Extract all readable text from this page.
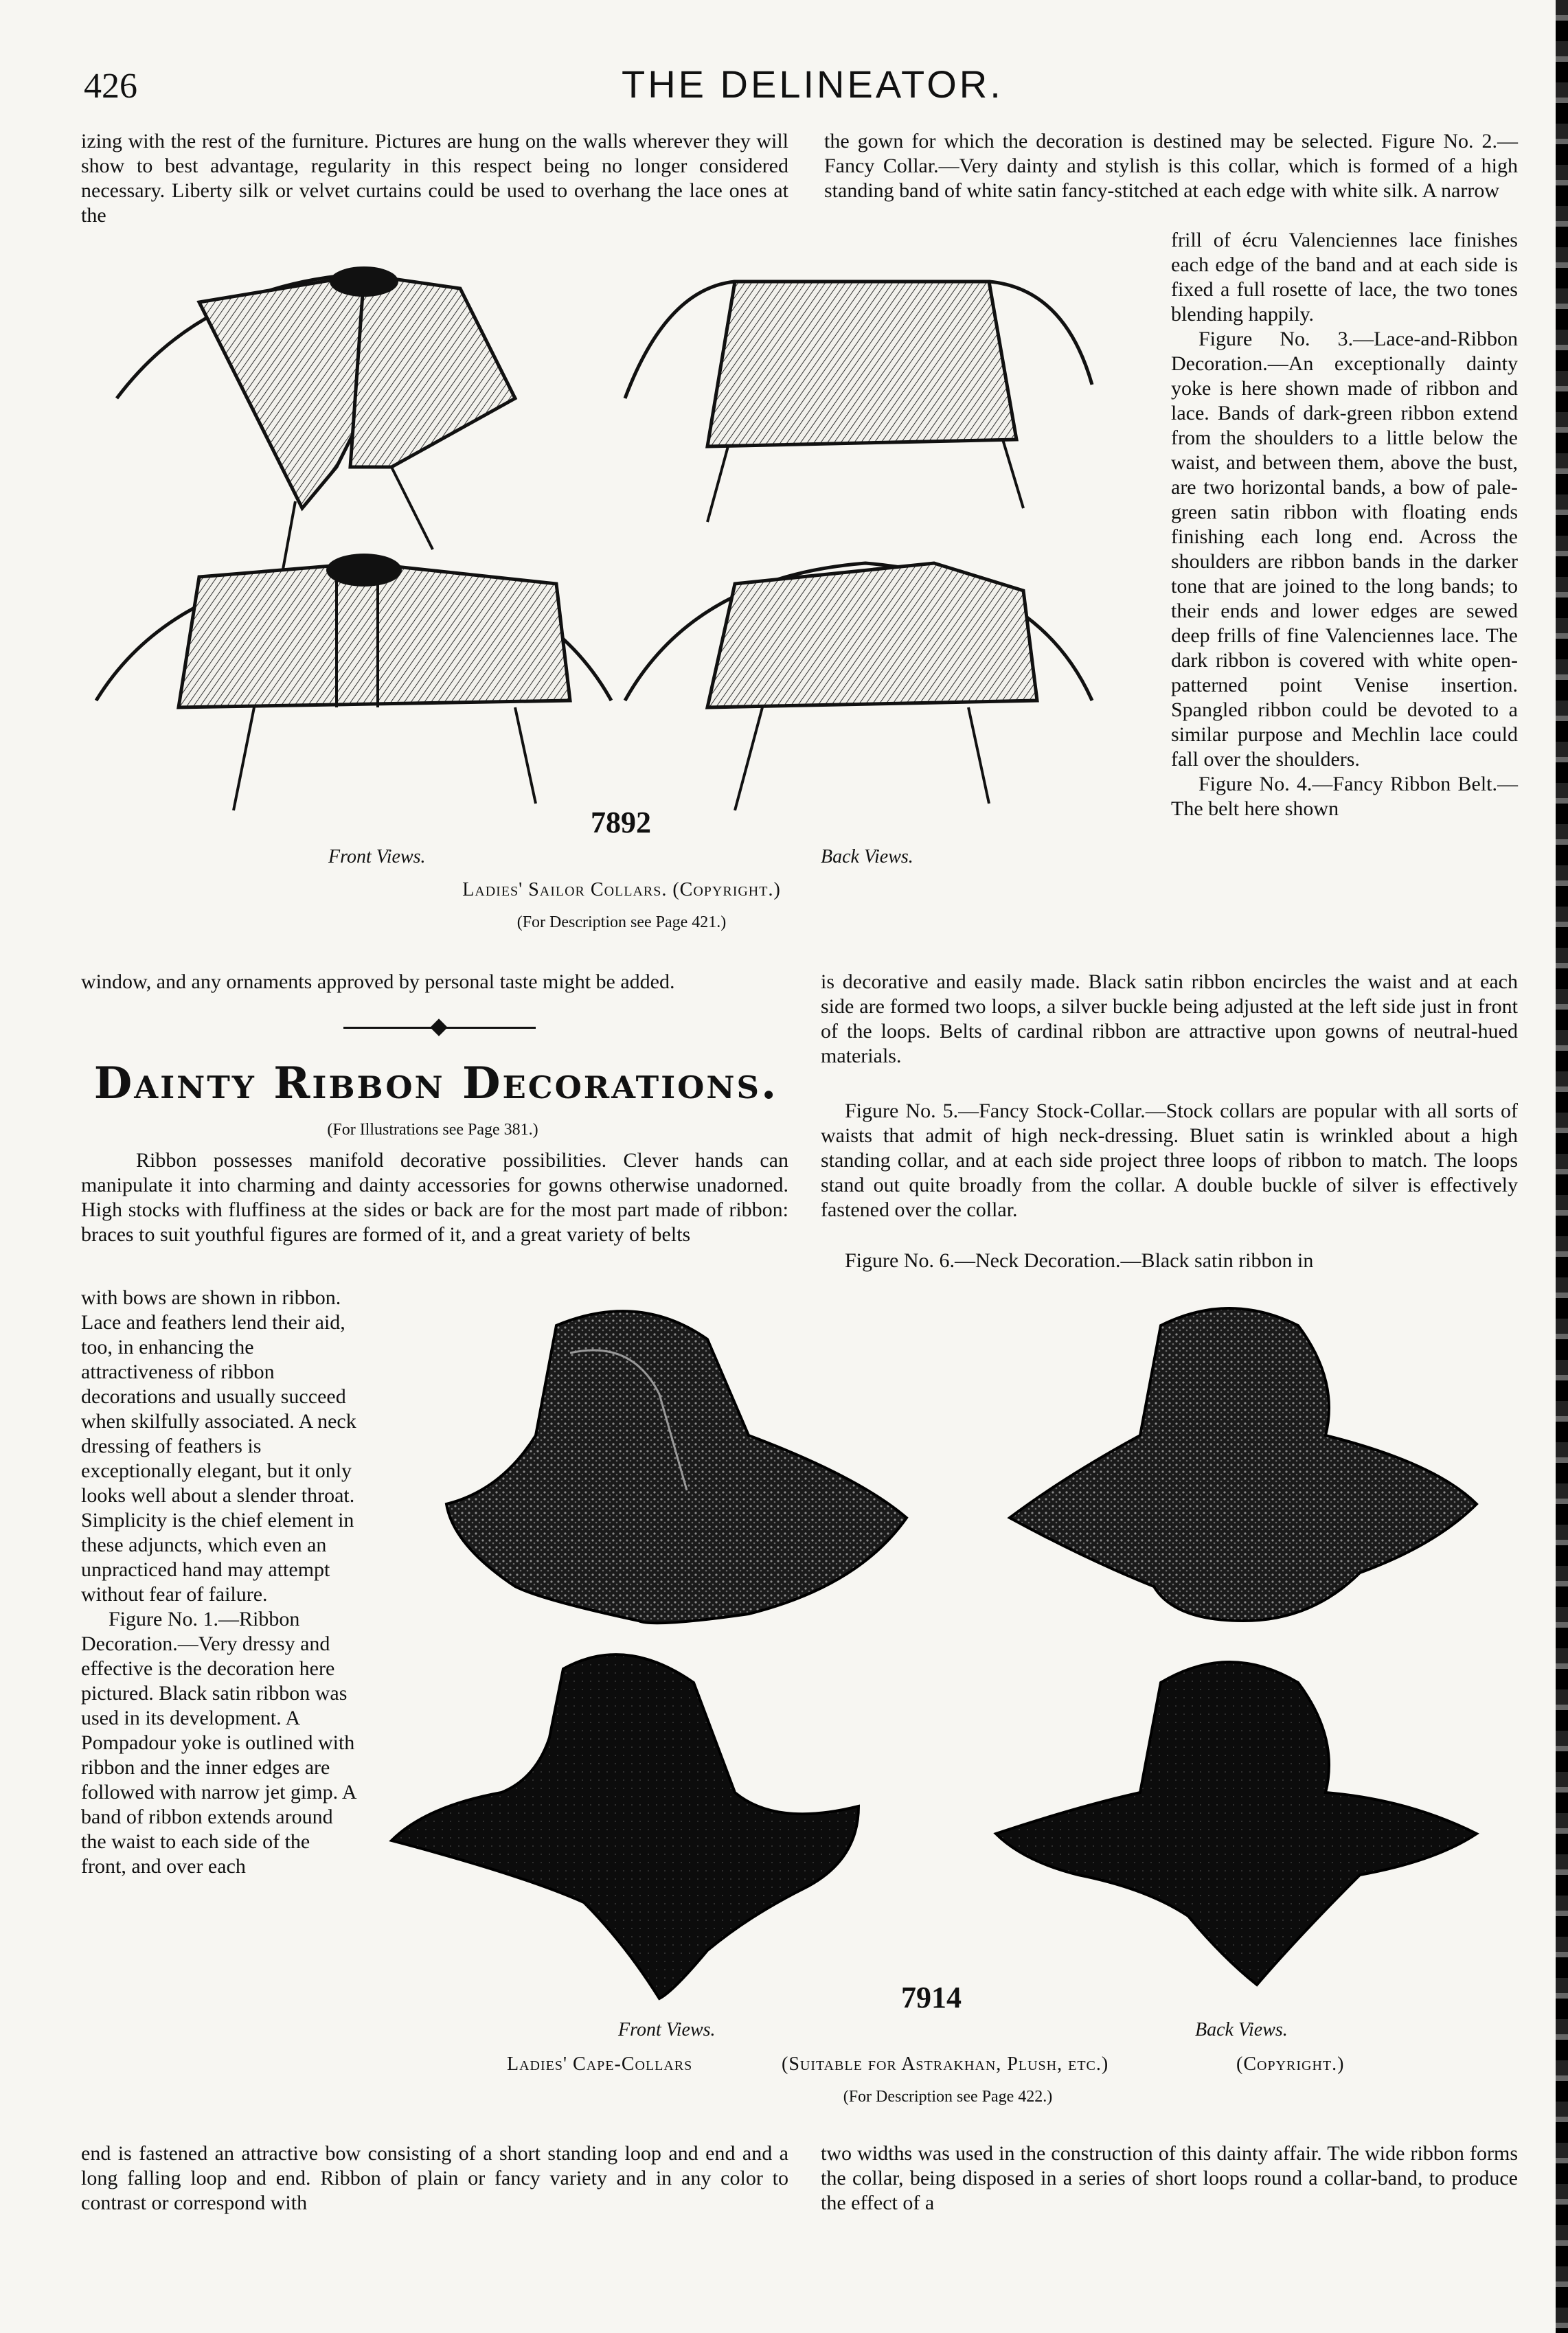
426	THE DELINEATOR.

izing with the rest of the furniture. Pictures are hung on the walls wherever they will show to best advantage, regularity in this respect being no longer considered necessary. Liberty silk or velvet curtains could be used to overhang the lace ones at the

the gown for which the decoration is destined may be selected. Figure No. 2.—Fancy Collar.—Very dainty and stylish is this collar, which is formed of a high standing band of white satin fancy-stitched at each edge with white silk. A narrow

frill of écru Valenciennes lace finishes each edge of the band and at each side is fixed a full rosette of lace, the two tones blending happily.

Figure No. 3.—Lace-and-Ribbon Decoration.—An exceptionally dainty yoke is here shown made of ribbon and lace. Bands of dark-green ribbon extend from the shoulders to a little below the waist, and between them, above the bust, are two horizontal bands, a bow of pale-green satin ribbon with floating ends finishing each long end. Across the shoulders are ribbon bands in the darker tone that are joined to the long bands; to their ends and lower edges are sewed deep frills of fine Valenciennes lace. The dark ribbon is covered with white open-patterned point Venise insertion. Spangled ribbon could be devoted to a similar purpose and Mechlin lace could fall over the shoulders.

Figure No. 4.—Fancy Ribbon Belt.—The belt here shown

7892
Front Views.	Back Views.
Ladies' Sailor Collars. (Copyright.)
(For Description see Page 421.)

window, and any ornaments approved by personal taste might be added.	is decorative and easily made. Black satin ribbon encircles the waist and at each side are formed two loops, a silver buckle being adjusted at the left side just in front of the loops. Belts of cardinal ribbon are attractive upon gowns of neutral-hued materials.

Figure No. 5.—Fancy Stock-Collar.—Stock collars are popular with all sorts of waists that admit of high neck-dressing. Bluet satin is wrinkled about a high standing collar, and at each side project three loops of ribbon to match. The loops stand out quite broadly from the collar. A double buckle of silver is effectively fastened over the collar.

Figure No. 6.—Neck Decoration.—Black satin ribbon in

Dainty Ribbon Decorations.
(For Illustrations see Page 381.)

Ribbon possesses manifold decorative possibilities. Clever hands can manipulate it into charming and dainty accessories for gowns otherwise unadorned. High stocks with fluffiness at the sides or back are for the most part made of ribbon: braces to suit youthful figures are formed of it, and a great variety of belts

with bows are shown in ribbon. Lace and feathers lend their aid, too, in enhancing the attractiveness of ribbon decorations and usually succeed when skilfully associated. A neck dressing of feathers is exceptionally elegant, but it only looks well about a slender throat. Simplicity is the chief element in these adjuncts, which even an unpracticed hand may attempt without fear of failure.

Figure No. 1.—Ribbon Decoration.—Very dressy and effective is the decoration here pictured. Black satin ribbon was used in its development. A Pompadour yoke is outlined with ribbon and the inner edges are followed with narrow jet gimp. A band of ribbon extends around the waist to each side of the front, and over each

7914
Front Views.	Back Views.
Ladies' Cape-Collars	(Suitable for Astrakhan, Plush, etc.)	(Copyright.)
(For Description see Page 422.)

end is fastened an attractive bow consisting of a short standing loop and end and a long falling loop and end. Ribbon of plain or fancy variety and in any color to contrast or correspond with

two widths was used in the construction of this dainty affair. The wide ribbon forms the collar, being disposed in a series of short loops round a collar-band, to produce the effect of a
